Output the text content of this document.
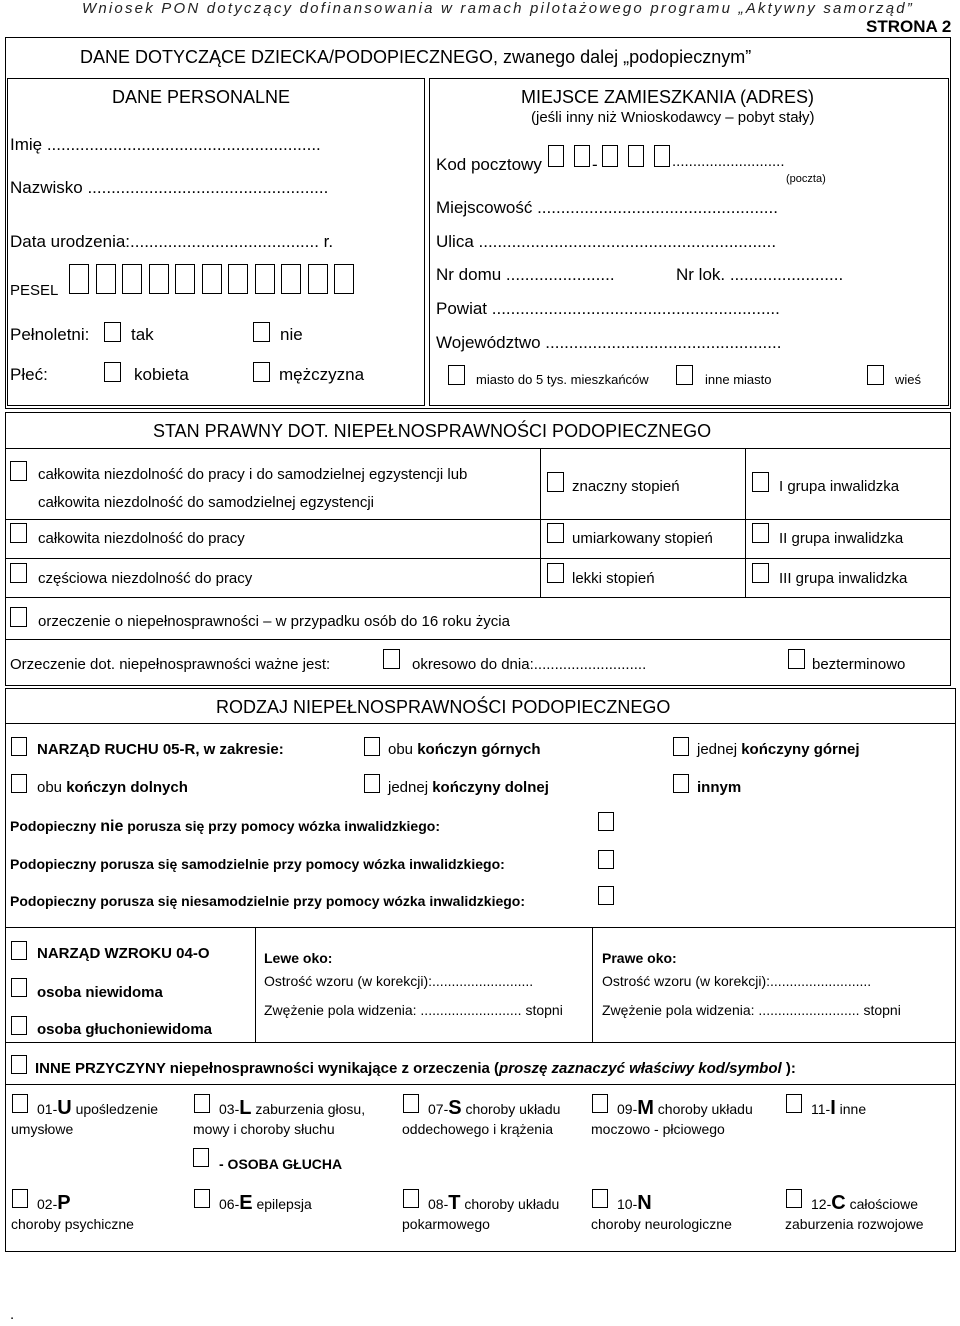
Wniosek PON dotyczący dofinansowania w ramach pilotażowego programu „Aktywny samorząd”
STRONA 2
DANE DOTYCZĄCE DZIECKA/PODOPIECZNEGO, zwanego dalej „podopiecznym”
DANE PERSONALNE
Imię ..........................................................
Nazwisko ...................................................
Data urodzenia:........................................ r.
PESEL
Pełnoletni: tak	nie
Płeć:	kobieta	mężczyzna
MIEJSCE ZAMIESZKANIA (ADRES)
(jeśli inny niż Wnioskodawcy – pobyt stały)
Kod pocztowy	-	...........................
(poczta)
Miejscowość ...................................................
Ulica ...............................................................
Nr domu .......................	Nr lok. ........................
Powiat .............................................................
Województwo ..................................................
miasto do 5 tys. mieszkańców	inne miasto	wieś
STAN PRAWNY DOT. NIEPEŁNOSPRAWNOŚCI PODOPIECZNEGO
całkowita niezdolność do pracy i do samodzielnej egzystencji lub
całkowita niezdolność do samodzielnej egzystencji
znaczny stopień	I grupa inwalidzka
całkowita niezdolność do pracy	umiarkowany stopień	II grupa inwalidzka
częściowa niezdolność do pracy	lekki stopień	III grupa inwalidzka
orzeczenie o niepełnosprawności – w przypadku osób do 16 roku życia
Orzeczenie dot. niepełnosprawności ważne jest:	okresowo do dnia:...........................	bezterminowo
RODZAJ NIEPEŁNOSPRAWNOŚCI PODOPIECZNEGO
NARZĄD RUCHU 05-R, w zakresie:	obu kończyn górnych	jednej kończyny górnej
obu kończyn dolnych	jednej kończyny dolnej	innym
Podopieczny nie porusza się przy pomocy wózka inwalidzkiego:
Podopieczny porusza się samodzielnie przy pomocy wózka inwalidzkiego:
Podopieczny porusza się niesamodzielnie przy pomocy wózka inwalidzkiego:
NARZĄD WZROKU 04-O
osoba niewidoma
osoba głuchoniewidoma
Lewe oko:
Ostrość wzoru (w korekcji):..........................
Zwężenie pola widzenia: .......................... stopni
Prawe oko:
Ostrość wzoru (w korekcji):..........................
Zwężenie pola widzenia: .......................... stopni
INNE PRZYCZYNY niepełnosprawności wynikające z orzeczenia (proszę zaznaczyć właściwy kod/symbol ):
01-U upośledzenie
umysłowe
03-L zaburzenia głosu,
mowy i choroby słuchu
07-S choroby układu
oddechowego i krążenia
09-M choroby układu
moczowo - płciowego
11-I inne
02-P
choroby psychiczne
06-E epilepsja	08-T choroby układu
pokarmowego
10-N
choroby neurologiczne
12-C całościowe
zaburzenia rozwojowe
- OSOBA GŁUCHA
.
